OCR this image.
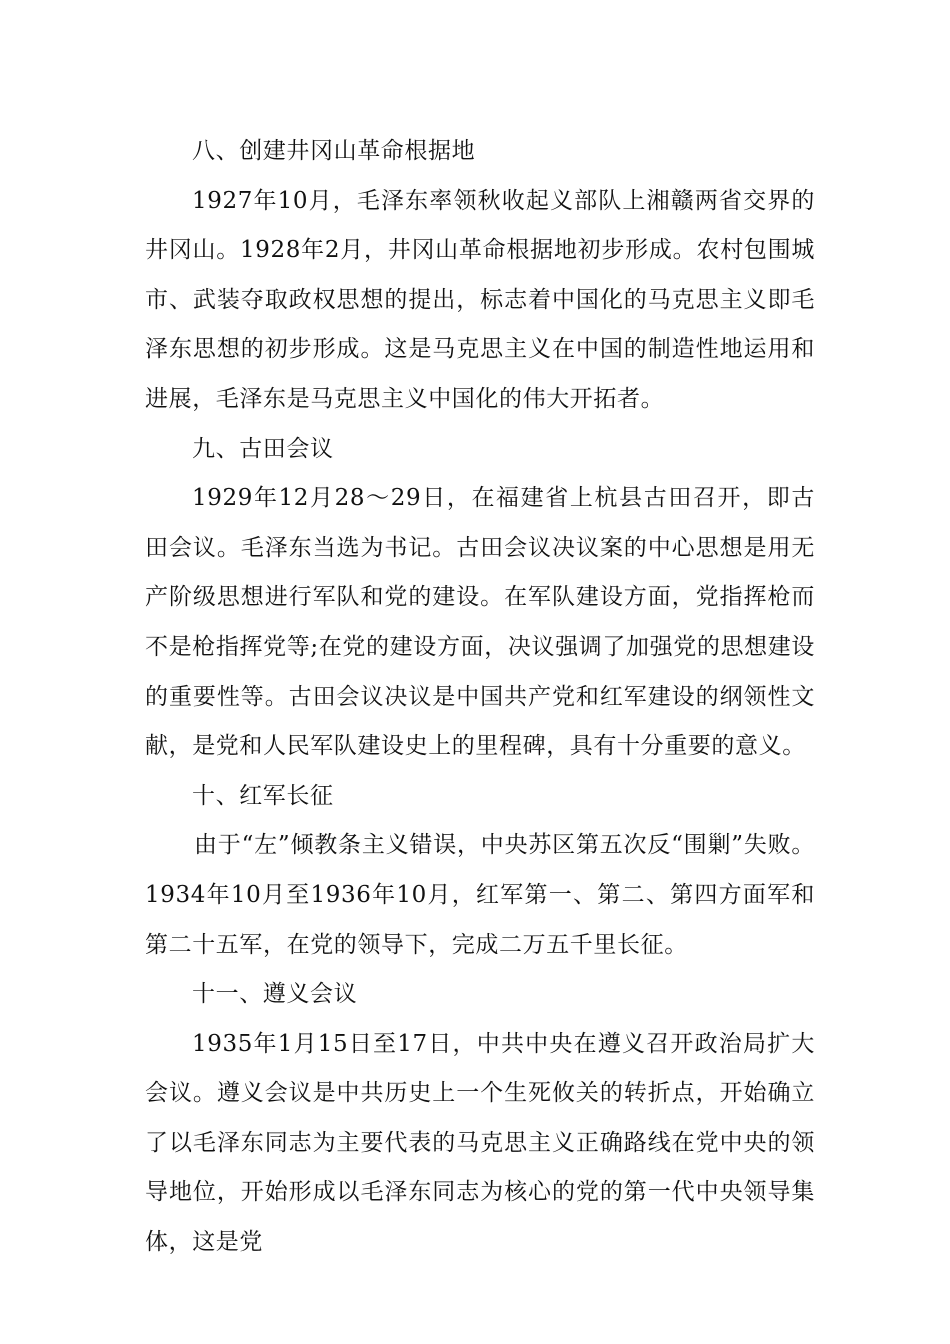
八、创建井冈山革命根据地

1927年10月，毛泽东率领秋收起义部队上湘赣两省交界的井冈山。1928年2月，井冈山革命根据地初步形成。农村包围城市、武装夺取政权思想的提出，标志着中国化的马克思主义即毛泽东思想的初步形成。这是马克思主义在中国的制造性地运用和进展，毛泽东是马克思主义中国化的伟大开拓者。

九、古田会议

1929年12月28～29日，在福建省上杭县古田召开，即古田会议。毛泽东当选为书记。古田会议决议案的中心思想是用无产阶级思想进行军队和党的建设。在军队建设方面，党指挥枪而不是枪指挥党等;在党的建设方面，决议强调了加强党的思想建设的重要性等。古田会议决议是中国共产党和红军建设的纲领性文献，是党和人民军队建设史上的里程碑，具有十分重要的意义。

十、红军长征

由于“左”倾教条主义错误，中央苏区第五次反“围剿”失败。1934年10月至1936年10月，红军第一、第二、第四方面军和第二十五军，在党的领导下，完成二万五千里长征。

十一、遵义会议

1935年1月15日至17日，中共中央在遵义召开政治局扩大会议。遵义会议是中共历史上一个生死攸关的转折点，开始确立了以毛泽东同志为主要代表的马克思主义正确路线在党中央的领导地位，开始形成以毛泽东同志为核心的党的第一代中央领导集体，这是党
